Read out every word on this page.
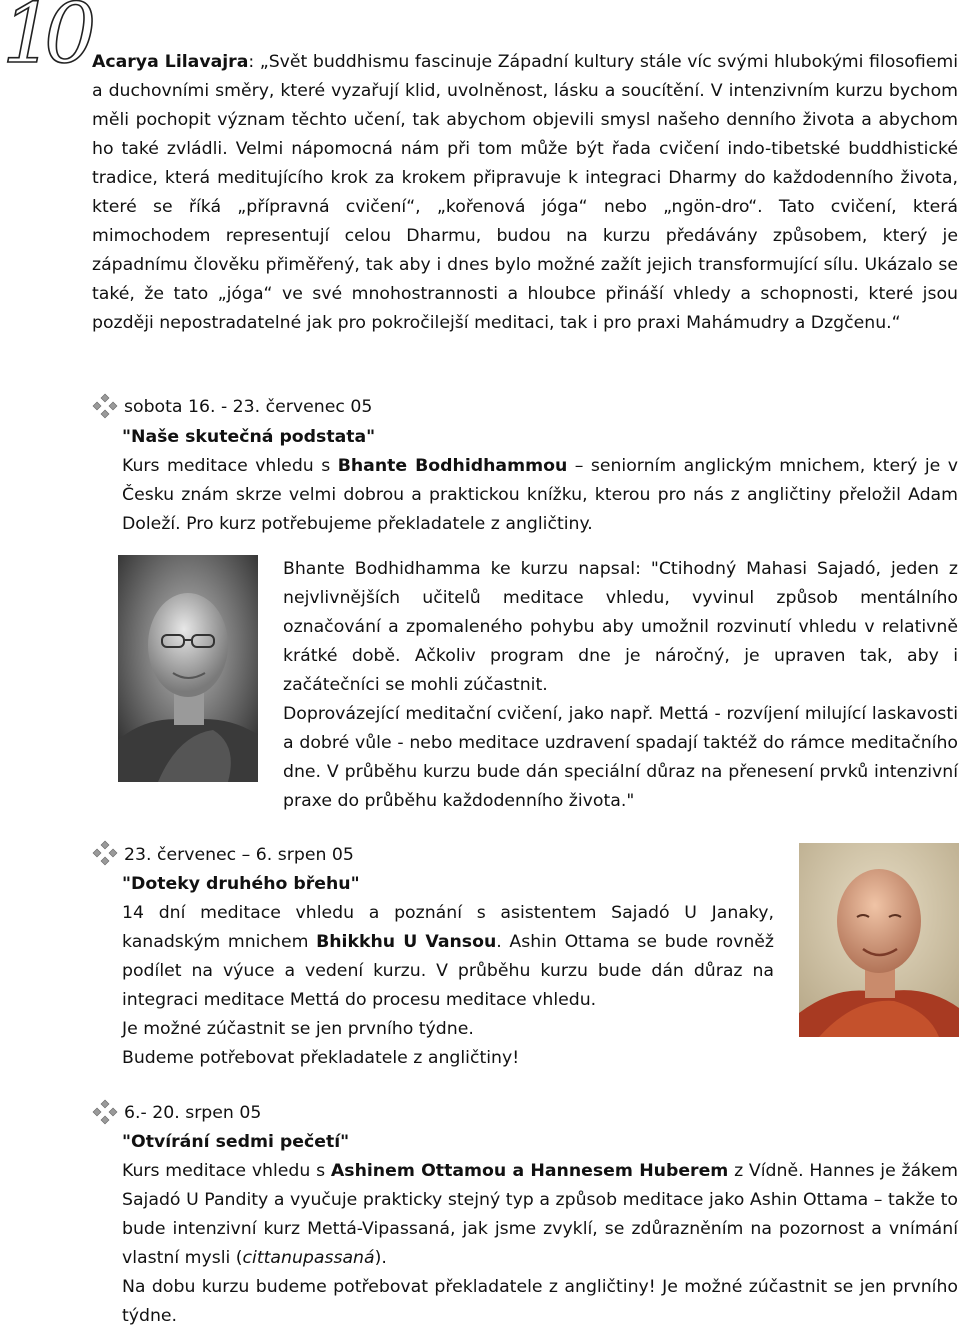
10 Acarya Lilavajra: „Svět buddhismu fascinuje Západní kultury stále víc svými hlubokými filosofiemi a duchovními směry, které vyzařují klid, uvolněnost, lásku a soucítění. V intenzivním kurzu bychom měli pochopit význam těchto učení, tak abychom objevili smysl našeho denního života a abychom ho také zvládli. Velmi nápomocná nám při tom může být řada cvičení indo-tibetské buddhistické tradice, která meditujícího krok za krokem připravuje k integraci Dharmy do každodenního života, které se říká „přípravná cvičení“, „kořenová jóga“ nebo „ngön-dro“. Tato cvičení, která mimochodem representují celou Dharmu, budou na kurzu předávány způsobem, který je západnímu člověku přiměřený, tak aby i dnes bylo možné zažít jejich transformující sílu. Ukázalo se také, že tato „jóga“ ve své mnohostrannosti a hloubce přináší vhledy a schopnosti, které jsou později nepostradatelné jak pro pokročilejší meditaci, tak i pro praxi Mahámudry a Dzgčenu.“

sobota 16. - 23. červenec 05
"Naše skutečná podstata"

Kurs meditace vhledu s Bhante Bodhidhammou – seniorním anglickým mnichem, který je v Česku znám skrze velmi dobrou a praktickou knížku, kterou pro nás z angličtiny přeložil Adam Doleží. Pro kurz potřebujeme překladatele z angličtiny.

Bhante Bodhidhamma ke kurzu napsal: "Ctihodný Mahasi Sajadó, jeden z nejvlivnějších učitelů meditace vhledu, vyvinul způsob mentálního označování a zpomaleného pohybu aby umožnil rozvinutí vhledu v relativně krátké době. Ačkoliv program dne je náročný, je upraven tak, aby i začátečníci se mohli zúčastnit.
Doprovázející meditační cvičení, jako např. Mettá - rozvíjení milující laskavosti a dobré vůle - nebo meditace uzdravení spadají taktéž do rámce meditačního dne. V průběhu kurzu bude dán speciální důraz na přenesení prvků intenzivní praxe do průběhu každodenního života."
23. červenec – 6. srpen 05
"Doteky druhého břehu"
14 dní meditace vhledu a poznání s asistentem Sajadó U Janaky, kanadským mnichem Bhikkhu U Vansou. Ashin Ottama se bude rovněž podílet na výuce a vedení kurzu. V průběhu kurzu bude dán důraz na integraci meditace Mettá do procesu meditace vhledu.
Je možné zúčastnit se jen prvního týdne.
Budeme potřebovat překladatele z angličtiny!
6.- 20. srpen 05
"Otvírání sedmi pečetí"
Kurs meditace vhledu s Ashinem Ottamou a Hannesem Huberem z Vídně. Hannes je žákem Sajadó U Pandity a vyučuje prakticky stejný typ a způsob meditace jako Ashin Ottama – takže to bude intenzivní kurz Mettá-Vipassaná, jak jsme zvyklí, se zdůrazněním na pozornost a vnímání vlastní mysli (cittanupassaná).
Na dobu kurzu budeme potřebovat překladatele z angličtiny! Je možné zúčastnit se jen prvního týdne.
